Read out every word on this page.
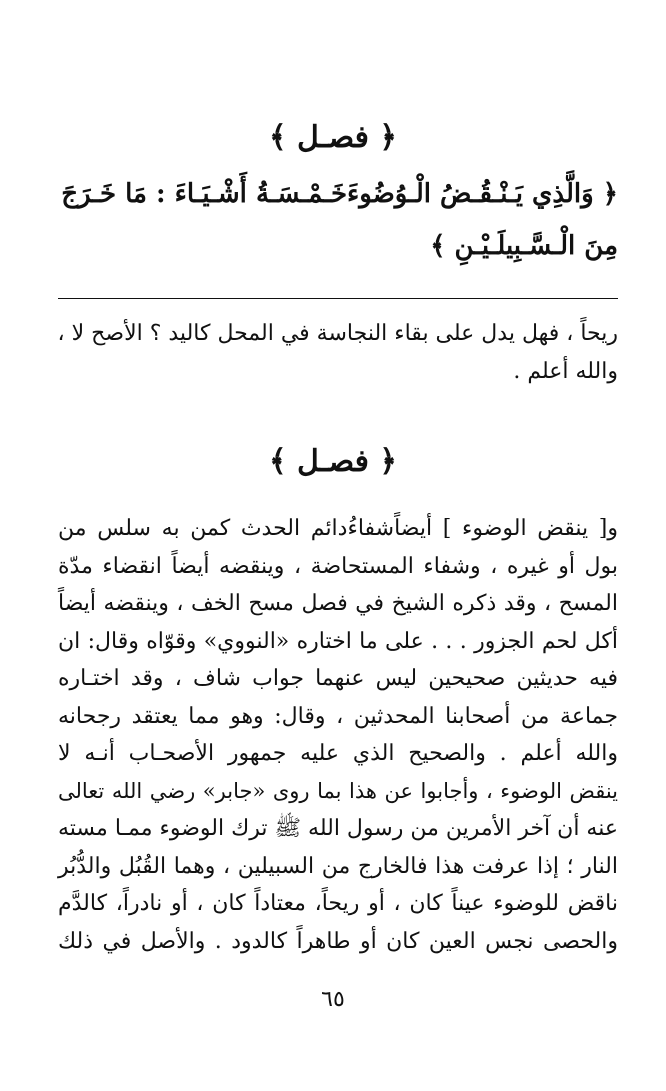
﴿ فصـل ﴾
﴿ وَالَّذِي يَـنْـقُـضُ الْـوُضُوءَخَـمْـسَـةُ أَشْـيَـاءَ : مَا خَـرَجَ
مِنَ الْـسَّـبِيلَـيْـنِ ﴾
ريحاً ، فهل يدل على بقاء النجاسة في المحل كاليد ؟ الأصح لا ،
والله أعلم .
﴿ فصـل ﴾
و[ ينقض الوضوء ] أيضاًشفاءُدائم الحدث كمن به سلس من
بول أو غيره ، وشفاء المستحاضة ، وينقضه أيضاً انقضاء مدّة
المسح ، وقد ذكره الشيخ في فصل مسح الخف ، وينقضه أيضاً
أكل لحم الجزور . . . على ما اختاره «النووي» وقوّاه وقال: ان
فيه حديثين صحيحين ليس عنهما جواب شاف ، وقد اختـاره
جماعة من أصحابنا المحدثين ، وقال: وهو مما يعتقد رجحانه
والله أعلم . والصحيح الذي عليه جمهور الأصحـاب أنـه لا
ينقض الوضوء ، وأجابوا عن هذا بما روى «جابر» رضي الله تعالى
عنه أن آخر الأمرين من رسول الله ﷺ ترك الوضوء ممـا مسته
النار ؛ إذا عرفت هذا فالخارج من السبيلين ، وهما القُبُل والدُّبُر
ناقض للوضوء عيناً كان ، أو ريحاً، معتاداً كان ، أو نادراً، كالدَّم
والحصى نجس العين كان أو طاهراً كالدود . والأصل في ذلك
٦٥
